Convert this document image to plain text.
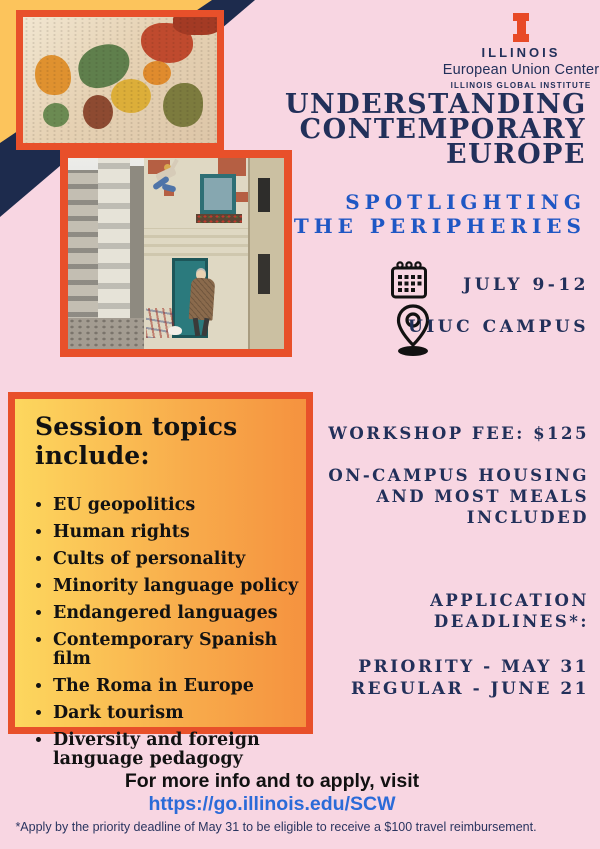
ILLINOIS
European Union Center
ILLINOIS GLOBAL INSTITUTE
UNDERSTANDING
CONTEMPORARY
EUROPE
SPOTLIGHTING
THE PERIPHERIES
JULY 9-12
UIUC CAMPUS
Session topics include:
• EU geopolitics
• Human rights
• Cults of personality
• Minority language policy
• Endangered languages
• Contemporary Spanish film
• The Roma in Europe
• Dark tourism
• Diversity and foreign language pedagogy
WORKSHOP FEE: $125
ON-CAMPUS HOUSING
AND MOST MEALS
INCLUDED
APPLICATION
DEADLINES*:
PRIORITY - MAY 31
REGULAR - JUNE 21
For more info and to apply, visit https://go.illinois.edu/SCW
*Apply by the priority deadline of May 31 to be eligible to receive a $100 travel reimbursement.
